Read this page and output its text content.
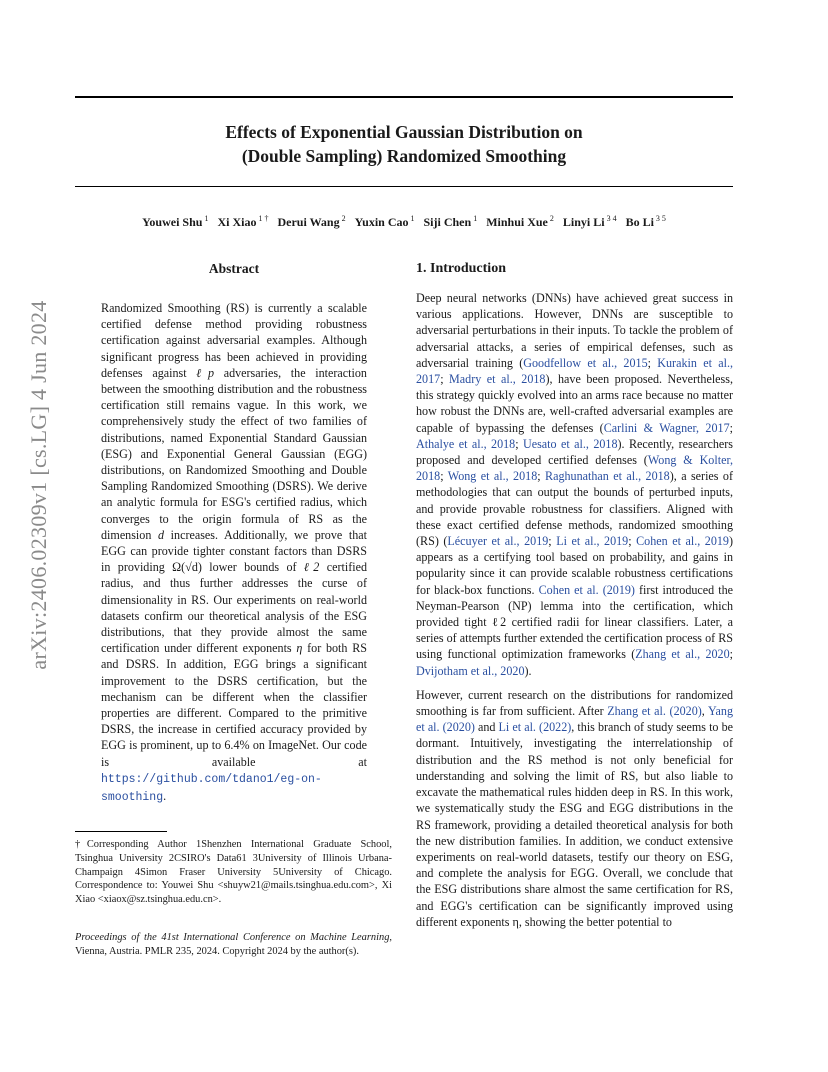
Effects of Exponential Gaussian Distribution on
(Double Sampling) Randomized Smoothing
Youwei Shu $^1$ Xi Xiao $^{1 \dagger}$ Derui Wang $^2$ Yuxin Cao $^1$ Siji Chen $^1$ Minhui Xue $^2$ Linyi Li $^{3 4}$ Bo Li $^{3 5}$
arXiv:2406.02309v1 [cs.LG] 4 Jun 2024
Abstract

Randomized Smoothing (RS) is currently a scalable certified defense method providing robustness certification against adversarial examples. Although significant progress has been achieved in providing defenses against ℓp adversaries, the interaction between the smoothing distribution and the robustness certification still remains vague. In this work, we comprehensively study the effect of two families of distributions, named Exponential Standard Gaussian (ESG) and Exponential General Gaussian (EGG) distributions, on Randomized Smoothing and Double Sampling Randomized Smoothing (DSRS). We derive an analytic formula for ESG's certified radius, which converges to the origin formula of RS as the dimension d increases. Additionally, we prove that EGG can provide tighter constant factors than DSRS in providing Ω(√d) lower bounds of ℓ2 certified radius, and thus further addresses the curse of dimensionality in RS. Our experiments on real-world datasets confirm our theoretical analysis of the ESG distributions, that they provide almost the same certification under different exponents η for both RS and DSRS. In addition, EGG brings a significant improvement to the DSRS certification, but the mechanism can be different when the classifier properties are different. Compared to the primitive DSRS, the increase in certified accuracy provided by EGG is prominent, up to 6.4% on ImageNet. Our code is available at https://github.com/tdano1/eg-on-smoothing.

†Corresponding Author 1Shenzhen International Graduate School, Tsinghua University 2CSIRO's Data61 3University of Illinois Urbana-Champaign 4Simon Fraser University 5University of Chicago. Correspondence to: Youwei Shu <shuyw21@mails.tsinghua.edu.com>, Xi Xiao <xiaox@sz.tsinghua.edu.cn>.
Proceedings of the 41st International Conference on Machine Learning, Vienna, Austria. PMLR 235, 2024. Copyright 2024 by the author(s).
1. Introduction

Deep neural networks (DNNs) have achieved great success in various applications. However, DNNs are susceptible to adversarial perturbations in their inputs. To tackle the problem of adversarial attacks, a series of empirical defenses, such as adversarial training (Goodfellow et al., 2015; Kurakin et al., 2017; Madry et al., 2018), have been proposed. Nevertheless, this strategy quickly evolved into an arms race because no matter how robust the DNNs are, well-crafted adversarial examples are capable of bypassing the defenses (Carlini & Wagner, 2017; Athalye et al., 2018; Uesato et al., 2018). Recently, researchers proposed and developed certified defenses (Wong & Kolter, 2018; Wong et al., 2018; Raghunathan et al., 2018), a series of methodologies that can output the bounds of perturbed inputs, and provide provable robustness for classifiers. Aligned with these exact certified defense methods, randomized smoothing (RS) (Lécuyer et al., 2019; Li et al., 2019; Cohen et al., 2019) appears as a certifying tool based on probability, and gains in popularity since it can provide scalable robustness certifications for black-box functions. Cohen et al. (2019) first introduced the Neyman-Pearson (NP) lemma into the certification, which provided tight ℓ2 certified radii for linear classifiers. Later, a series of attempts further extended the certification process of RS using functional optimization frameworks (Zhang et al., 2020; Dvijotham et al., 2020).

However, current research on the distributions for randomized smoothing is far from sufficient. After Zhang et al. (2020), Yang et al. (2020) and Li et al. (2022), this branch of study seems to be dormant. Intuitively, investigating the interrelationship of distribution and the RS method is not only beneficial for understanding and solving the limit of RS, but also liable to excavate the mathematical rules hidden deep in RS. In this work, we systematically study the ESG and EGG distributions in the RS framework, providing a detailed theoretical analysis for both the new distribution families. In addition, we conduct extensive experiments on real-world datasets, testify our theory on ESG, and complete the analysis for EGG. Overall, we conclude that the ESG distributions share almost the same certification for RS, and EGG's certification can be significantly improved using different exponents η, showing the better potential to
